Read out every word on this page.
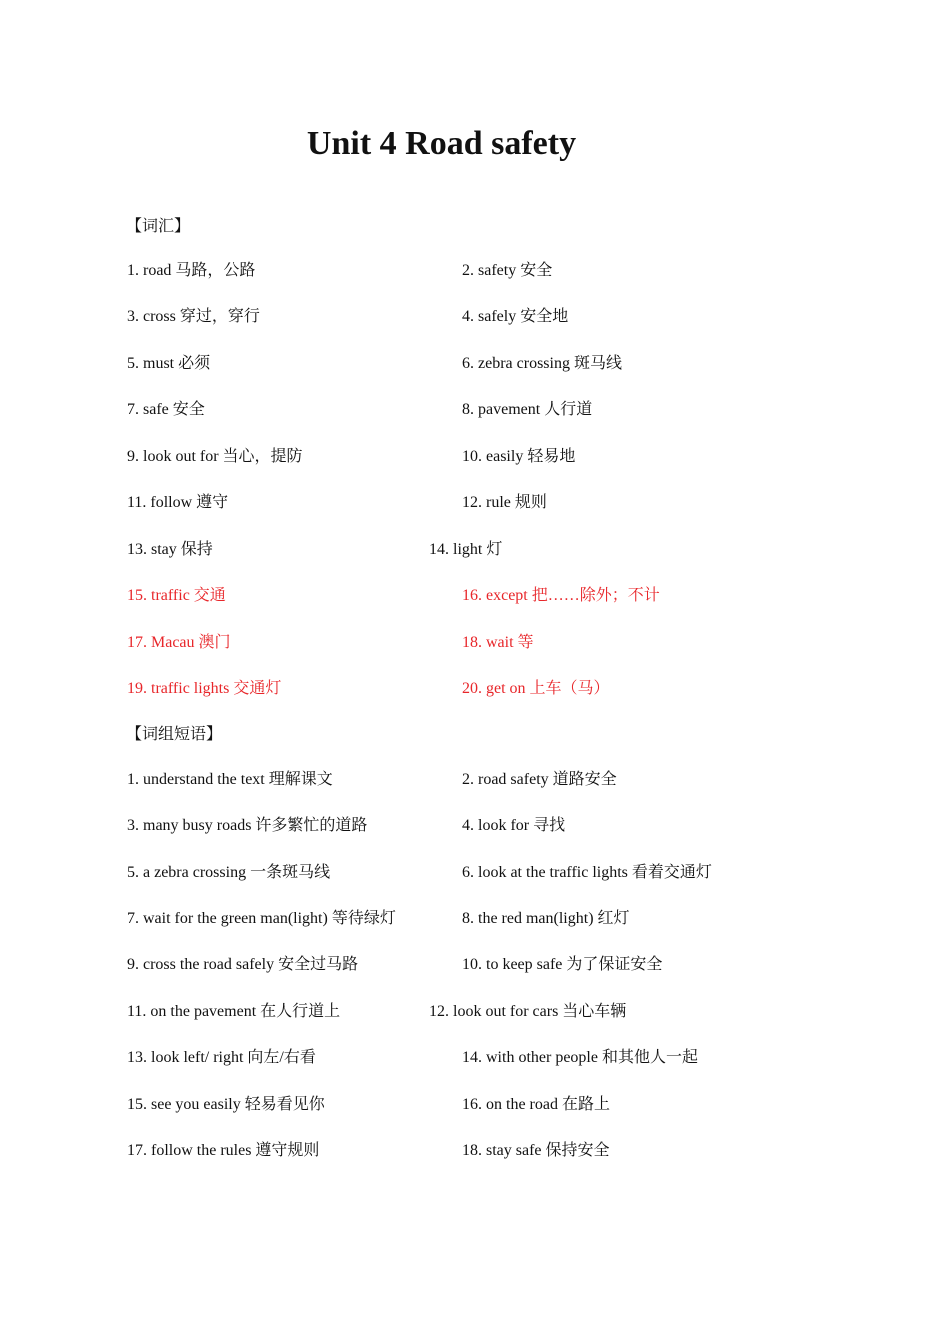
Unit 4 Road safety
【词汇】
1. road 马路，公路	2. safety 安全
3. cross 穿过，穿行	4. safely 安全地
5. must 必须	6. zebra crossing 斑马线
7. safe 安全	8. pavement 人行道
9. look out for 当心，提防	10. easily 轻易地
11. follow 遵守	12. rule 规则
13. stay 保持	14. light 灯
15. traffic 交通	16. except 把……除外；不计
17. Macau 澳门	18. wait 等
19. traffic lights 交通灯	20. get on 上车（马）
【词组短语】
1. understand the text 理解课文	2. road safety 道路安全
3. many busy roads 许多繁忙的道路	4. look for 寻找
5. a zebra crossing 一条斑马线	6. look at the traffic lights 看着交通灯
7. wait for the green man(light) 等待绿灯	8. the red man(light) 红灯
9. cross the road safely 安全过马路	10. to keep safe 为了保证安全
11. on the pavement 在人行道上	12. look out for cars 当心车辆
13. look left/ right 向左/右看	14. with other people 和其他人一起
15. see you easily 轻易看见你	16. on the road 在路上
17. follow the rules 遵守规则	18. stay safe 保持安全
